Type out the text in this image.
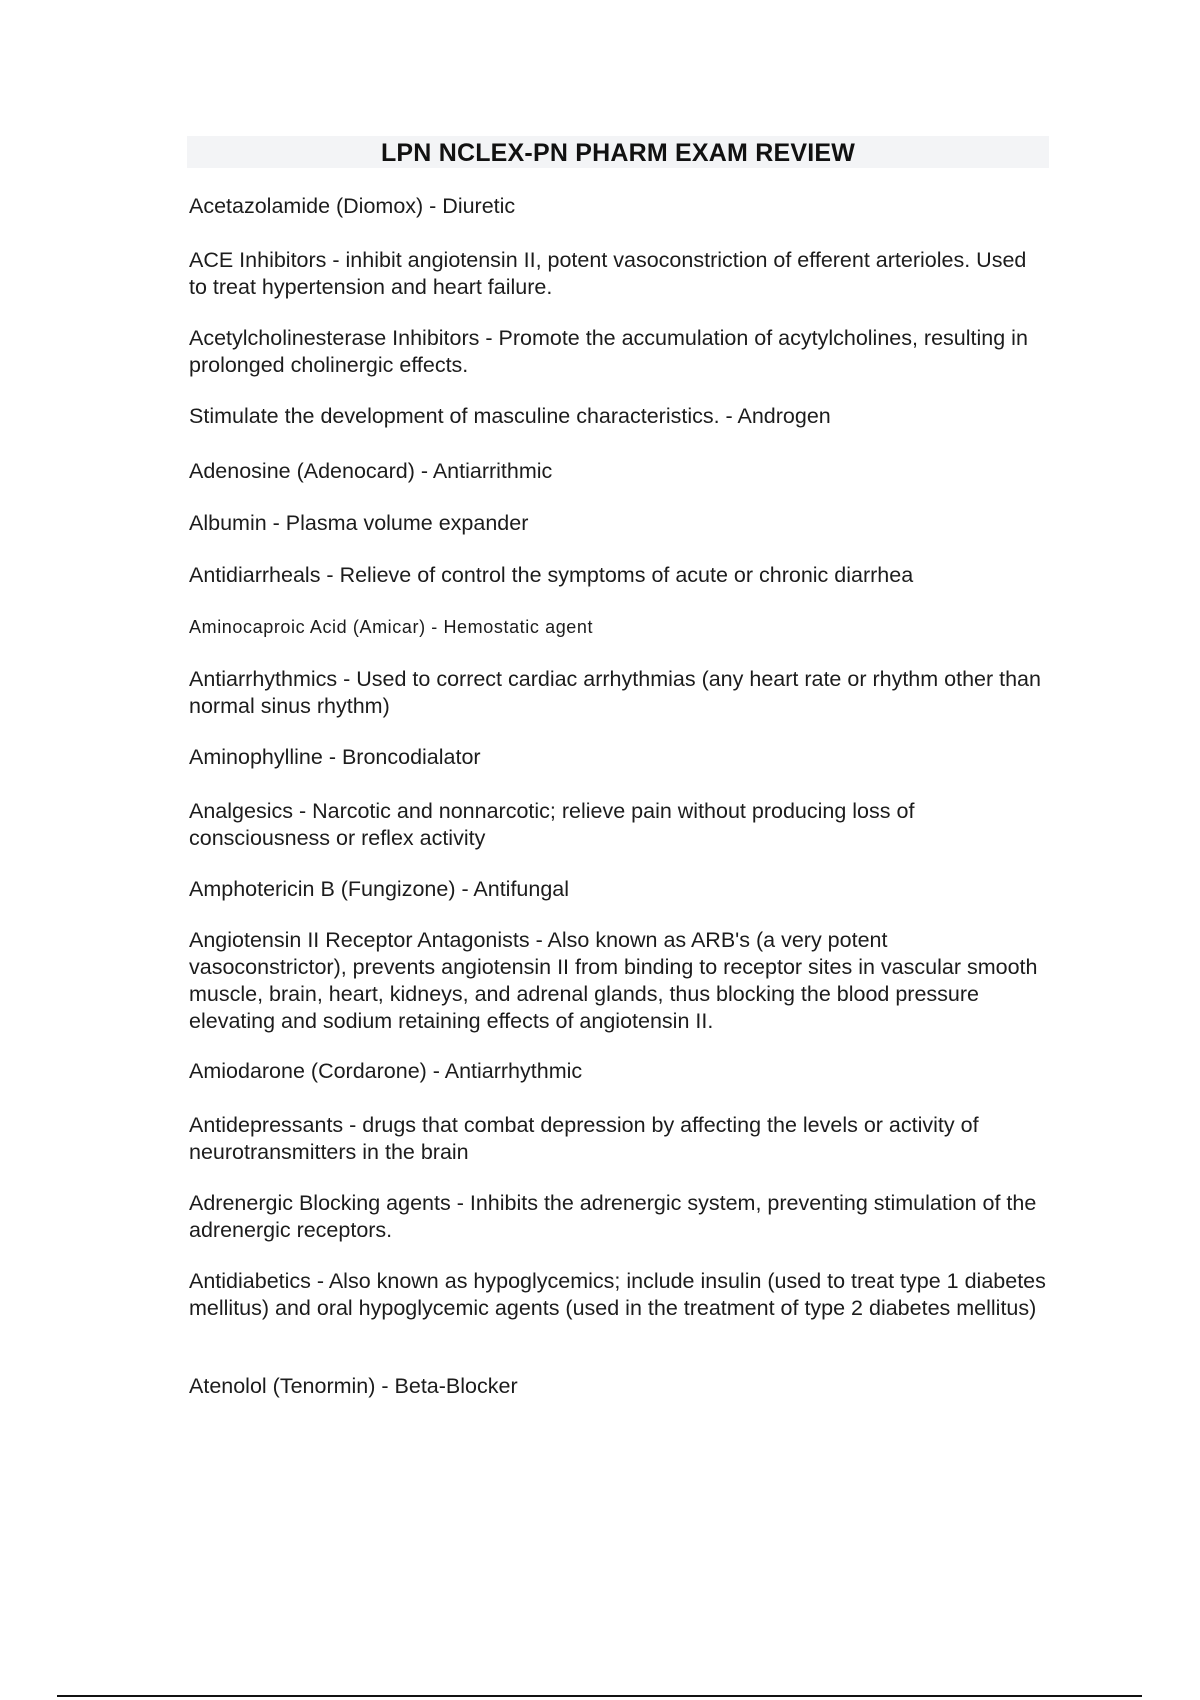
LPN NCLEX-PN PHARM EXAM REVIEW
Acetazolamide (Diomox) - Diuretic
ACE Inhibitors - inhibit angiotensin II, potent vasoconstriction of efferent arterioles. Used to treat hypertension and heart failure.
Acetylcholinesterase Inhibitors - Promote the accumulation of acytylcholines, resulting in prolonged cholinergic effects.
Stimulate the development of masculine characteristics. - Androgen
Adenosine (Adenocard) - Antiarrithmic
Albumin - Plasma volume expander
Antidiarrheals - Relieve of control the symptoms of acute or chronic diarrhea
Aminocaproic Acid (Amicar) - Hemostatic agent
Antiarrhythmics - Used to correct cardiac arrhythmias (any heart rate or rhythm other than normal sinus rhythm)
Aminophylline - Broncodialator
Analgesics - Narcotic and nonnarcotic; relieve pain without producing loss of consciousness or reflex activity
Amphotericin B (Fungizone) - Antifungal
Angiotensin II Receptor Antagonists - Also known as ARB's (a very potent vasoconstrictor), prevents angiotensin II from binding to receptor sites in vascular smooth muscle, brain, heart, kidneys, and adrenal glands, thus blocking the blood pressure elevating and sodium retaining effects of angiotensin II.
Amiodarone (Cordarone) - Antiarrhythmic
Antidepressants - drugs that combat depression by affecting the levels or activity of neurotransmitters in the brain
Adrenergic Blocking agents - Inhibits the adrenergic system, preventing stimulation of the adrenergic receptors.
Antidiabetics - Also known as hypoglycemics; include insulin (used to treat type 1 diabetes mellitus) and oral hypoglycemic agents (used in the treatment of type 2 diabetes mellitus)
Atenolol (Tenormin) - Beta-Blocker
